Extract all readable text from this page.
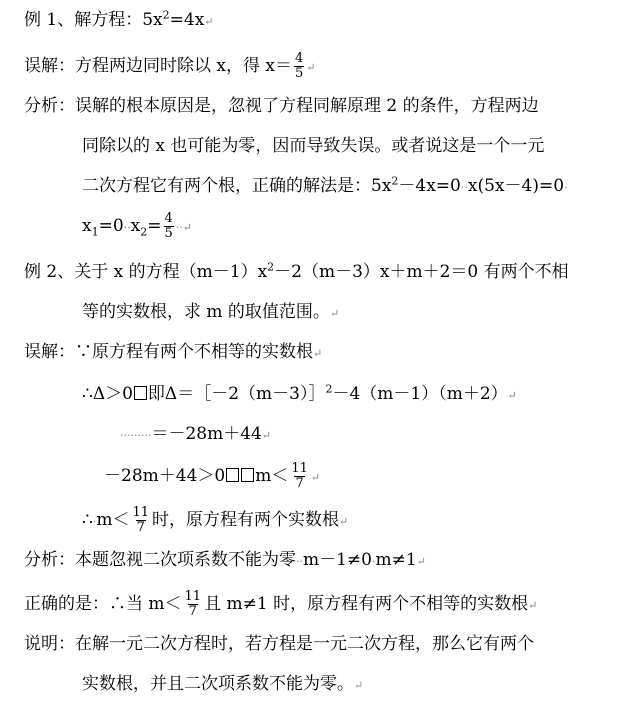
例 1、解方程：$5x^2=4x↵$
误解：方程两边同时除以 x，得 $x= \frac{4}{5}$ ↵
分析：误解的根本原因是，忽视了方程同解原理 2 的条件，方程两边
同除以的 x 也可能为零，因而导致失误。或者说这是一个一元
二次方程它有两个根，正确的解法是：$5x^2-4x=0\cdot\cdot x(5x-4)=0\cdot$
$x_1=0\cdot\cdot x_2= \frac{4}{5}$ ··↵
例 2、关于 x 的方程$(m-1)x^2-2(m-3)x+m+2=0$ 有两个不相
等的实数根，求 m 的取值范围。↵
误解：∵原方程有两个不相等的实数根↵
∴Δ＞0 即Δ＝［－2（m－3）］$^2$－4（m－1）（m＋2）↵
·········＝－28m＋44↵
－28m＋44＞0 $m< \frac{11}{7}$ ↵
∴·m＜ $\frac{11}{7}$ 时，原方程有两个实数根↵
分析：本题忽视二次项系数不能为零··m－1≠0·m≠1↵
正确的是：∴当 $m< \frac{11}{7}$ 且 m≠1 时，原方程有两个不相等的实数根↵
说明：在解一元二次方程时，若方程是一元二次方程，那么它有两个
实数根，并且二次项系数不能为零。↵
